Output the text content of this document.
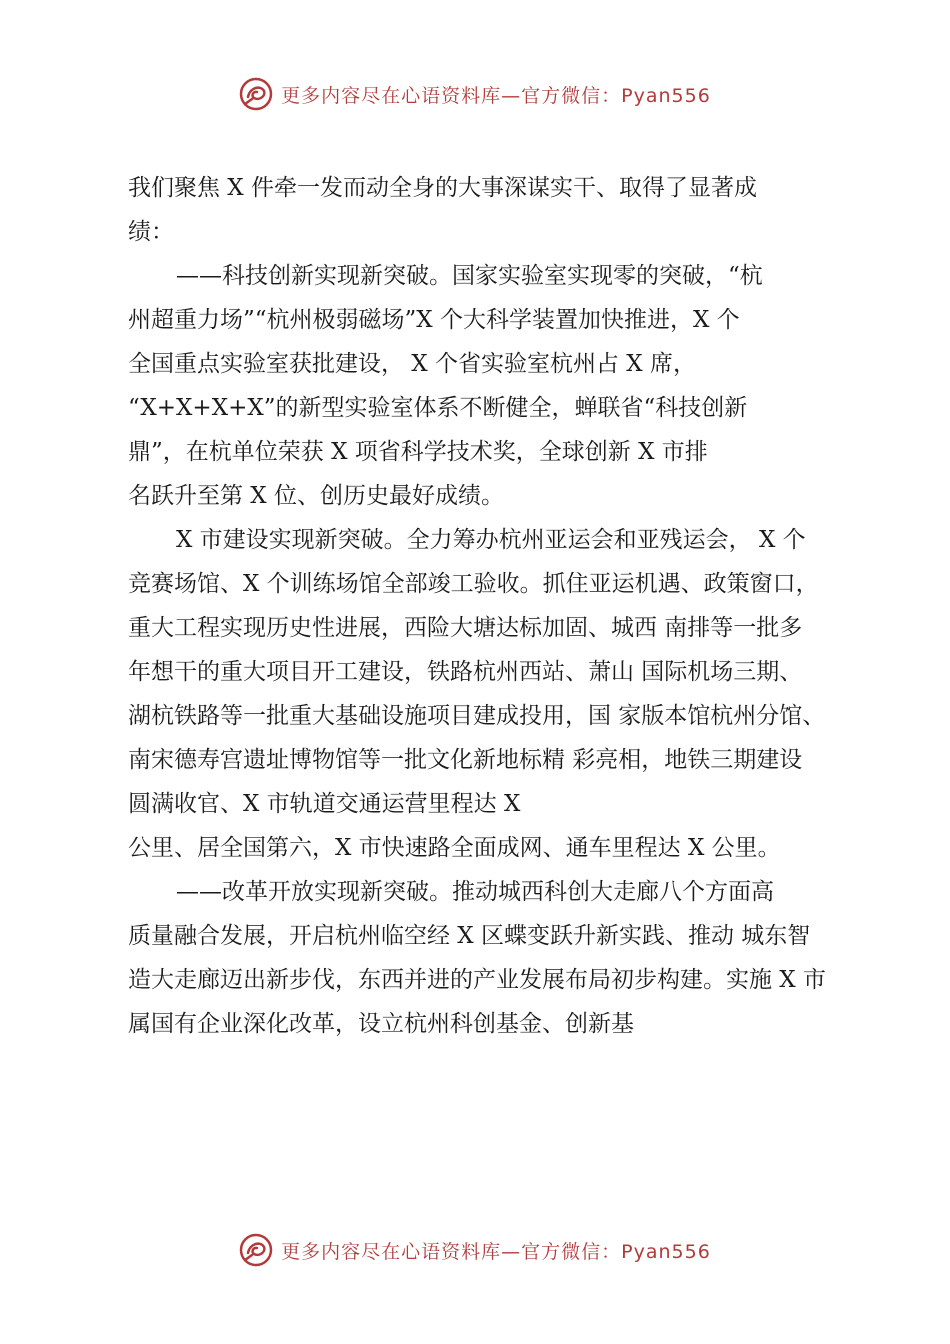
更多内容尽在心语资料库—官方微信：Pyan556
我们聚焦 X 件牵一发而动全身的大事深谋实干、取得了显著成
绩：
——科技创新实现新突破。国家实验室实现零的突破，“杭
州超重力场”“杭州极弱磁场”X 个大科学装置加快推进，X 个
全国重点实验室获批建设， X 个省实验室杭州占 X 席，
“X+X+X+X”的新型实验室体系不断健全，蝉联省“科技创新
鼎”，在杭单位荣获 X 项省科学技术奖，全球创新 X 市排
名跃升至第 X 位、创历史最好成绩。
X 市建设实现新突破。全力筹办杭州亚运会和亚残运会， X 个
竞赛场馆、X 个训练场馆全部竣工验收。抓住亚运机遇、政策窗口，
重大工程实现历史性进展，西险大塘达标加固、城西 南排等一批多
年想干的重大项目开工建设，铁路杭州西站、萧山 国际机场三期、
湖杭铁路等一批重大基础设施项目建成投用，国 家版本馆杭州分馆、
南宋德寿宫遗址博物馆等一批文化新地标精 彩亮相，地铁三期建设
圆满收官、X 市轨道交通运营里程达 X
公里、居全国第六，X 市快速路全面成网、通车里程达 X 公里。
——改革开放实现新突破。推动城西科创大走廊八个方面高
质量融合发展，开启杭州临空经 X 区蝶变跃升新实践、推动 城东智
造大走廊迈出新步伐，东西并进的产业发展布局初步构建。实施 X 市
属国有企业深化改革，设立杭州科创基金、创新基
更多内容尽在心语资料库—官方微信：Pyan556
